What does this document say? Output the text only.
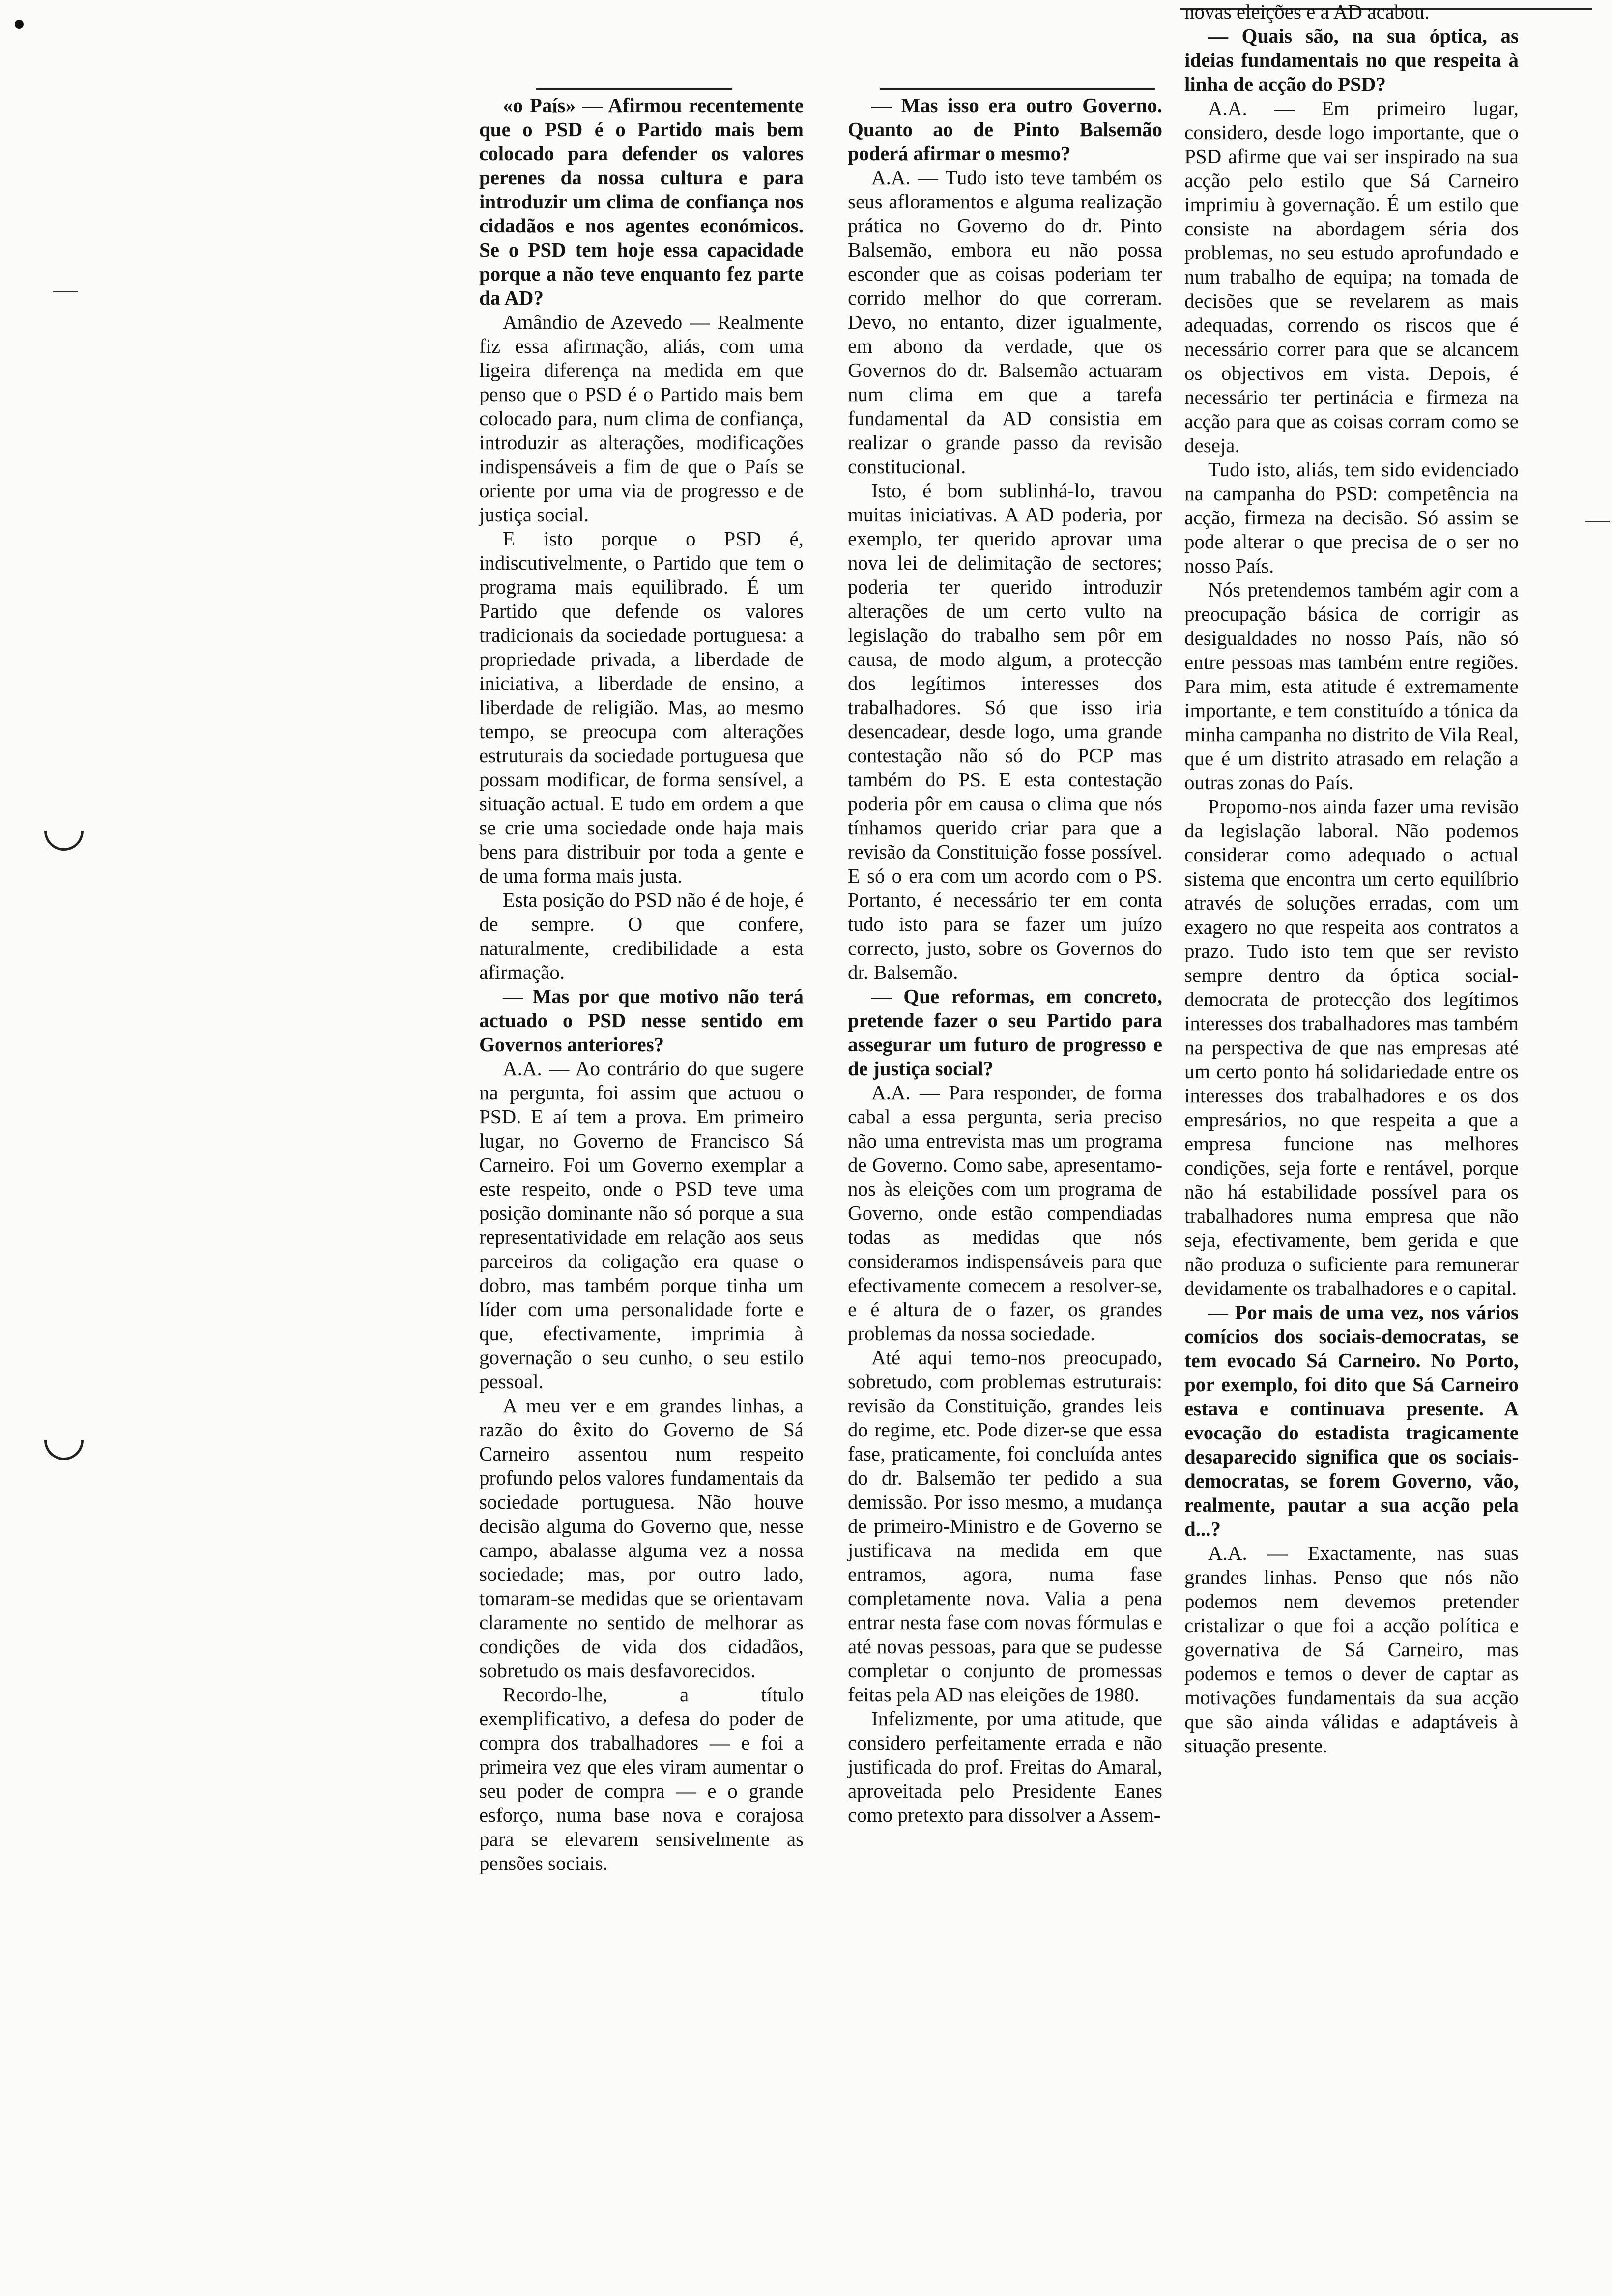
«o País» — Afirmou recentemente que o PSD é o Partido mais bem colocado para defender os valores perenes da nossa cultura e para introduzir um clima de confiança nos cidadãos e nos agentes económicos. Se o PSD tem hoje essa capacidade porque a não teve enquanto fez parte da AD?

Amândio de Azevedo — Realmente fiz essa afirmação, aliás, com uma ligeira diferença na medida em que penso que o PSD é o Partido mais bem colocado para, num clima de confiança, introduzir as alterações, modificações indispensáveis a fim de que o País se oriente por uma via de progresso e de justiça social.

E isto porque o PSD é, indiscutivelmente, o Partido que tem o programa mais equilibrado. É um Partido que defende os valores tradicionais da sociedade portuguesa: a propriedade privada, a liberdade de iniciativa, a liberdade de ensino, a liberdade de religião. Mas, ao mesmo tempo, se preocupa com alterações estruturais da sociedade portuguesa que possam modificar, de forma sensível, a situação actual. E tudo em ordem a que se crie uma sociedade onde haja mais bens para distribuir por toda a gente e de uma forma mais justa.

Esta posição do PSD não é de hoje, é de sempre. O que confere, naturalmente, credibilidade a esta afirmação.

— Mas por que motivo não terá actuado o PSD nesse sentido em Governos anteriores?

A.A. — Ao contrário do que sugere na pergunta, foi assim que actuou o PSD. E aí tem a prova. Em primeiro lugar, no Governo de Francisco Sá Carneiro. Foi um Governo exemplar a este respeito, onde o PSD teve uma posição dominante não só porque a sua representatividade em relação aos seus parceiros da coligação era quase o dobro, mas também porque tinha um líder com uma personalidade forte e que, efectivamente, imprimia à governação o seu cunho, o seu estilo pessoal.

A meu ver e em grandes linhas, a razão do êxito do Governo de Sá Carneiro assentou num respeito profundo pelos valores fundamentais da sociedade portuguesa. Não houve decisão alguma do Governo que, nesse campo, abalasse alguma vez a nossa sociedade; mas, por outro lado, tomaram-se medidas que se orientavam claramente no sentido de melhorar as condições de vida dos cidadãos, sobretudo os mais desfavorecidos.

Recordo-lhe, a título exemplificativo, a defesa do poder de compra dos trabalhadores — e foi a primeira vez que eles viram aumentar o seu poder de compra — e o grande esforço, numa base nova e corajosa para se elevarem sensivelmente as pensões sociais.

— Mas isso era outro Governo. Quanto ao de Pinto Balsemão poderá afirmar o mesmo?

A.A. — Tudo isto teve também os seus afloramentos e alguma realização prática no Governo do dr. Pinto Balsemão, embora eu não possa esconder que as coisas poderiam ter corrido melhor do que correram. Devo, no entanto, dizer igualmente, em abono da verdade, que os Governos do dr. Balsemão actuaram num clima em que a tarefa fundamental da AD consistia em realizar o grande passo da revisão constitucional.

Isto, é bom sublinhá-lo, travou muitas iniciativas. A AD poderia, por exemplo, ter querido aprovar uma nova lei de delimitação de sectores; poderia ter querido introduzir alterações de um certo vulto na legislação do trabalho sem pôr em causa, de modo algum, a protecção dos legítimos interesses dos trabalhadores. Só que isso iria desencadear, desde logo, uma grande contestação não só do PCP mas também do PS. E esta contestação poderia pôr em causa o clima que nós tínhamos querido criar para que a revisão da Constituição fosse possível. E só o era com um acordo com o PS. Portanto, é necessário ter em conta tudo isto para se fazer um juízo correcto, justo, sobre os Governos do dr. Balsemão.

— Que reformas, em concreto, pretende fazer o seu Partido para assegurar um futuro de progresso e de justiça social?

A.A. — Para responder, de forma cabal a essa pergunta, seria preciso não uma entrevista mas um programa de Governo. Como sabe, apresentamo-nos às eleições com um programa de Governo, onde estão compendiadas todas as medidas que nós consideramos indispensáveis para que efectivamente comecem a resolver-se, e é altura de o fazer, os grandes problemas da nossa sociedade.

Até aqui temo-nos preocupado, sobretudo, com problemas estruturais: revisão da Constituição, grandes leis do regime, etc. Pode dizer-se que essa fase, praticamente, foi concluída antes do dr. Balsemão ter pedido a sua demissão. Por isso mesmo, a mudança de primeiro-Ministro e de Governo se justificava na medida em que entramos, agora, numa fase completamente nova. Valia a pena entrar nesta fase com novas fórmulas e até novas pessoas, para que se pudesse completar o conjunto de promessas feitas pela AD nas eleições de 1980.

Infelizmente, por uma atitude, que considero perfeitamente errada e não justificada do prof. Freitas do Amaral, aproveitada pelo Presidente Eanes como pretexto para dissolver a Assem-

novas eleições e a AD acabou.

— Quais são, na sua óptica, as ideias fundamentais no que respeita à linha de acção do PSD?

A.A. — Em primeiro lugar, considero, desde logo importante, que o PSD afirme que vai ser inspirado na sua acção pelo estilo que Sá Carneiro imprimiu à governação. É um estilo que consiste na abordagem séria dos problemas, no seu estudo aprofundado e num trabalho de equipa; na tomada de decisões que se revelarem as mais adequadas, correndo os riscos que é necessário correr para que se alcancem os objectivos em vista. Depois, é necessário ter pertinácia e firmeza na acção para que as coisas corram como se deseja.

Tudo isto, aliás, tem sido evidenciado na campanha do PSD: competência na acção, firmeza na decisão. Só assim se pode alterar o que precisa de o ser no nosso País.

Nós pretendemos também agir com a preocupação básica de corrigir as desigualdades no nosso País, não só entre pessoas mas também entre regiões. Para mim, esta atitude é extremamente importante, e tem constituído a tónica da minha campanha no distrito de Vila Real, que é um distrito atrasado em relação a outras zonas do País.

Propomo-nos ainda fazer uma revisão da legislação laboral. Não podemos considerar como adequado o actual sistema que encontra um certo equilíbrio através de soluções erradas, com um exagero no que respeita aos contratos a prazo. Tudo isto tem que ser revisto sempre dentro da óptica social-democrata de protecção dos legítimos interesses dos trabalhadores mas também na perspectiva de que nas empresas até um certo ponto há solidariedade entre os interesses dos trabalhadores e os dos empresários, no que respeita a que a empresa funcione nas melhores condições, seja forte e rentável, porque não há estabilidade possível para os trabalhadores numa empresa que não seja, efectivamente, bem gerida e que não produza o suficiente para remunerar devidamente os trabalhadores e o capital.

— Por mais de uma vez, nos vários comícios dos sociais-democratas, se tem evocado Sá Carneiro. No Porto, por exemplo, foi dito que Sá Carneiro estava e continuava presente. A evocação do estadista tragicamente desaparecido significa que os sociais-democratas, se forem Governo, vão, realmente, pautar a sua acção pela d...?

A.A. — Exactamente, nas suas grandes linhas. Penso que nós não podemos nem devemos pretender cristalizar o que foi a acção política e governativa de Sá Carneiro, mas podemos e temos o dever de captar as motivações fundamentais da sua acção que são ainda válidas e adaptáveis à situação presente.
